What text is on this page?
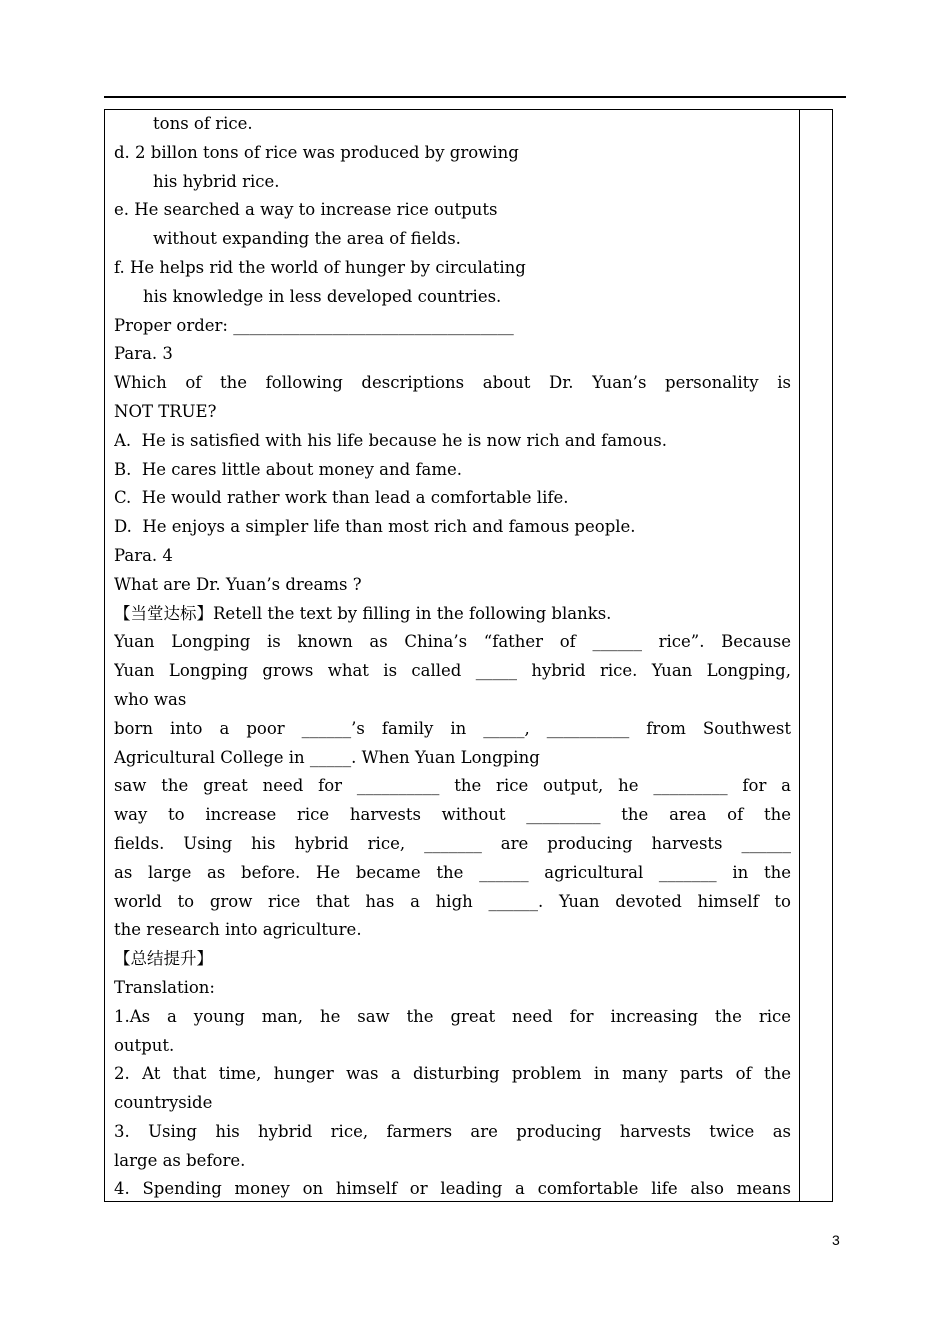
tons of rice.
d. 2 billon tons of rice was produced by growing
his hybrid rice.
e. He searched a way to increase rice outputs
without expanding the area of fields.
f. He helps rid the world of hunger by circulating
his knowledge in less developed countries.
Proper order: __________________________________
Para. 3
Which of the following descriptions about Dr. Yuan’s personality is
NOT TRUE?
A.  He is satisfied with his life because he is now rich and famous.
B.  He cares little about money and fame.
C.  He would rather work than lead a comfortable life.
D.  He enjoys a simpler life than most rich and famous people.
Para. 4
What are Dr. Yuan’s dreams ?
【当堂达标】Retell the text by filling in the following blanks.
Yuan Longping is known as China’s “father of ______ rice”. Because
Yuan Longping grows what is called _____ hybrid rice. Yuan Longping,
who was
born into a poor ______’s family in _____, __________ from Southwest
Agricultural College in _____. When Yuan Longping
saw the great need for __________ the rice output, he _________ for a
way to increase rice harvests without _________ the area of the
fields. Using his hybrid rice, _______ are producing harvests ______
as large as before. He became the ______ agricultural _______ in the
world to grow rice that has a high ______. Yuan devoted himself to
the research into agriculture.
【总结提升】
Translation:
1.As a young man, he saw the great need for increasing the rice
output.
2. At that time, hunger was a disturbing problem in many parts of the
countryside
3. Using his hybrid rice, farmers are producing harvests twice as
large as before.
4. Spending money on himself or leading a comfortable life also means
3
